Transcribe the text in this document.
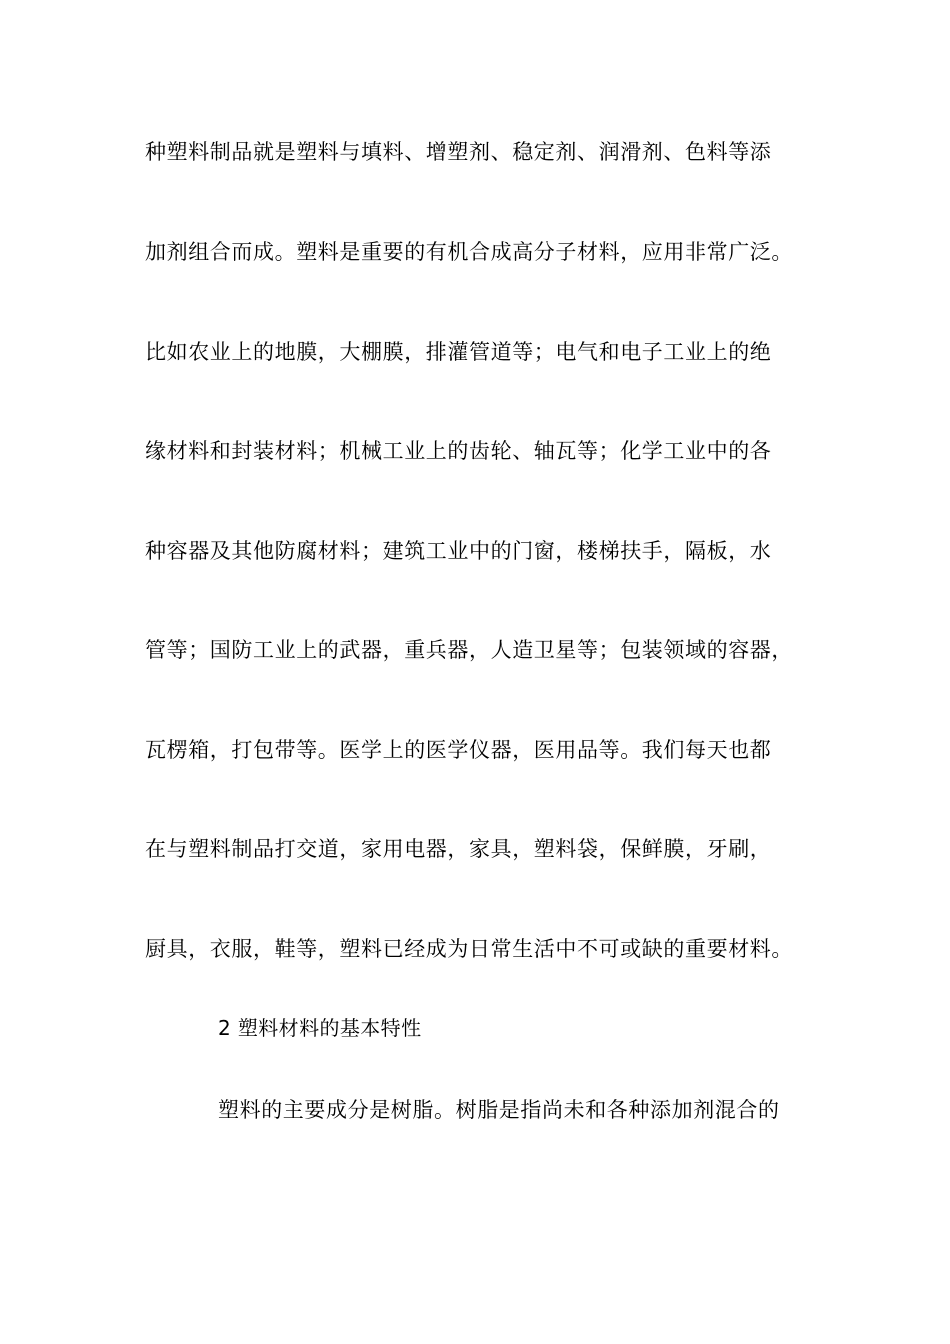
种塑料制品就是塑料与填料、增塑剂、稳定剂、润滑剂、色料等添
加剂组合而成。塑料是重要的有机合成高分子材料，应用非常广泛。
比如农业上的地膜，大棚膜，排灌管道等；电气和电子工业上的绝
缘材料和封装材料；机械工业上的齿轮、轴瓦等；化学工业中的各
种容器及其他防腐材料；建筑工业中的门窗，楼梯扶手，隔板，水
管等；国防工业上的武器，重兵器，人造卫星等；包装领域的容器，
瓦楞箱，打包带等。医学上的医学仪器，医用品等。我们每天也都
在与塑料制品打交道，家用电器，家具，塑料袋，保鲜膜，牙刷，
厨具，衣服，鞋等，塑料已经成为日常生活中不可或缺的重要材料。
2 塑料材料的基本特性
塑料的主要成分是树脂。树脂是指尚未和各种添加剂混合的
